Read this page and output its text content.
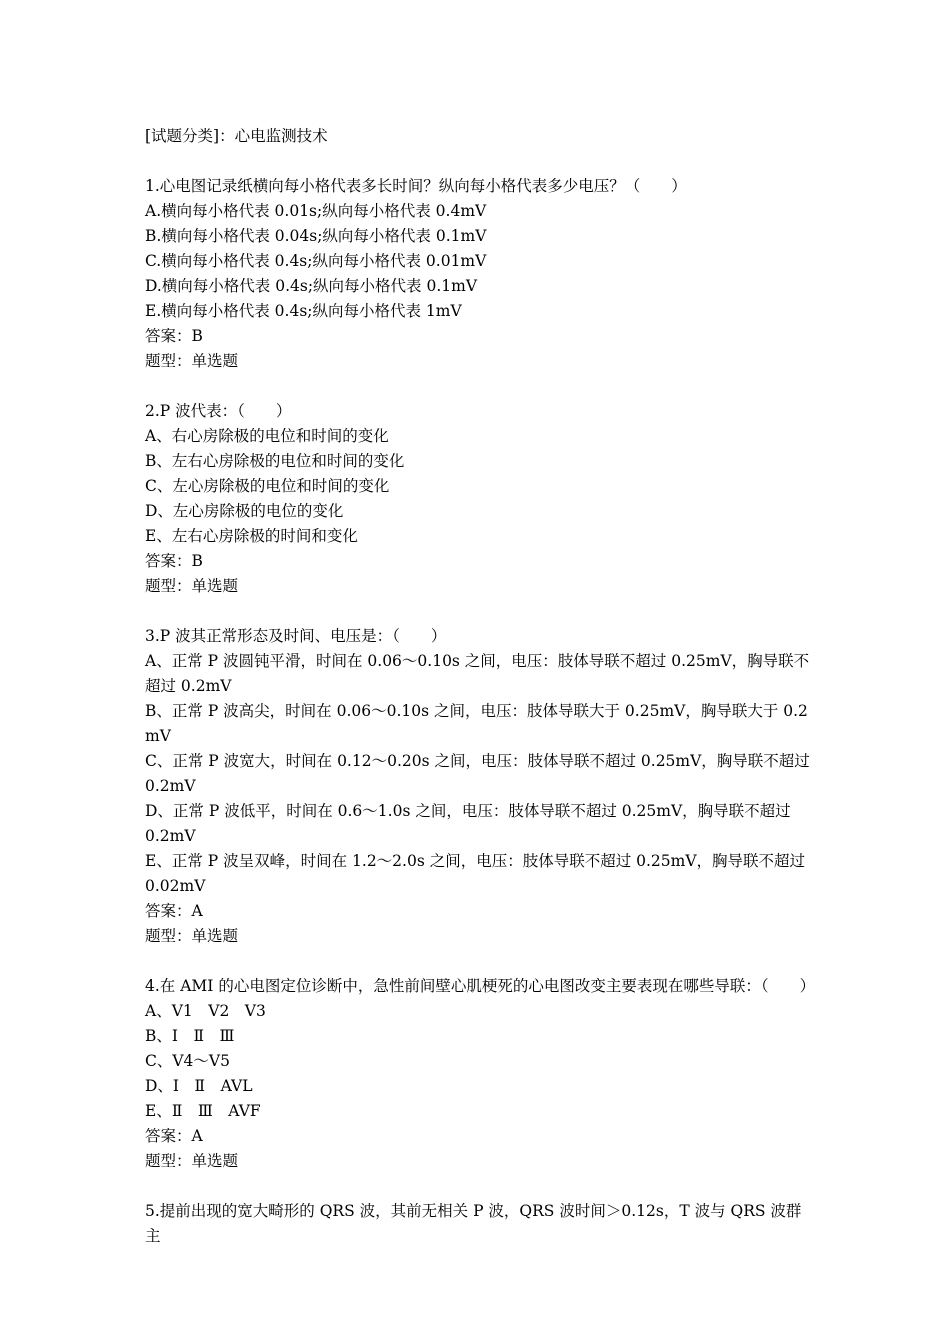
[试题分类]：心电监测技术
1.心电图记录纸横向每小格代表多长时间？纵向每小格代表多少电压？（　　）
A.横向每小格代表 0.01s;纵向每小格代表 0.4mV
B.横向每小格代表 0.04s;纵向每小格代表 0.1mV
C.横向每小格代表 0.4s;纵向每小格代表 0.01mV
D.横向每小格代表 0.4s;纵向每小格代表 0.1mV
E.横向每小格代表 0.4s;纵向每小格代表 1mV
答案：B
题型：单选题
2.P 波代表：（　　）
A、右心房除极的电位和时间的变化
B、左右心房除极的电位和时间的变化
C、左心房除极的电位和时间的变化
D、左心房除极的电位的变化
E、左右心房除极的时间和变化
答案：B
题型：单选题
3.P 波其正常形态及时间、电压是：（　　）
A、正常 P 波圆钝平滑，时间在 0.06～0.10s 之间，电压：肢体导联不超过 0.25mV，胸导联不超过 0.2mV
B、正常 P 波高尖，时间在 0.06～0.10s 之间，电压：肢体导联大于 0.25mV，胸导联大于 0.2mV
C、正常 P 波宽大，时间在 0.12～0.20s 之间，电压：肢体导联不超过 0.25mV，胸导联不超过 0.2mV
D、正常 P 波低平，时间在 0.6～1.0s 之间，电压：肢体导联不超过 0.25mV，胸导联不超过 0.2mV
E、正常 P 波呈双峰，时间在 1.2～2.0s 之间，电压：肢体导联不超过 0.25mV，胸导联不超过 0.02mV
答案：A
题型：单选题
4.在 AMI 的心电图定位诊断中，急性前间壁心肌梗死的心电图改变主要表现在哪些导联：（　　）
A、V1　V2　V3
B、Ⅰ　Ⅱ　Ⅲ
C、V4～V5
D、Ⅰ　Ⅱ　AVL
E、Ⅱ　Ⅲ　AVF
答案：A
题型：单选题
5.提前出现的宽大畸形的 QRS 波，其前无相关 P 波，QRS 波时间＞0.12s，T 波与 QRS 波群主
